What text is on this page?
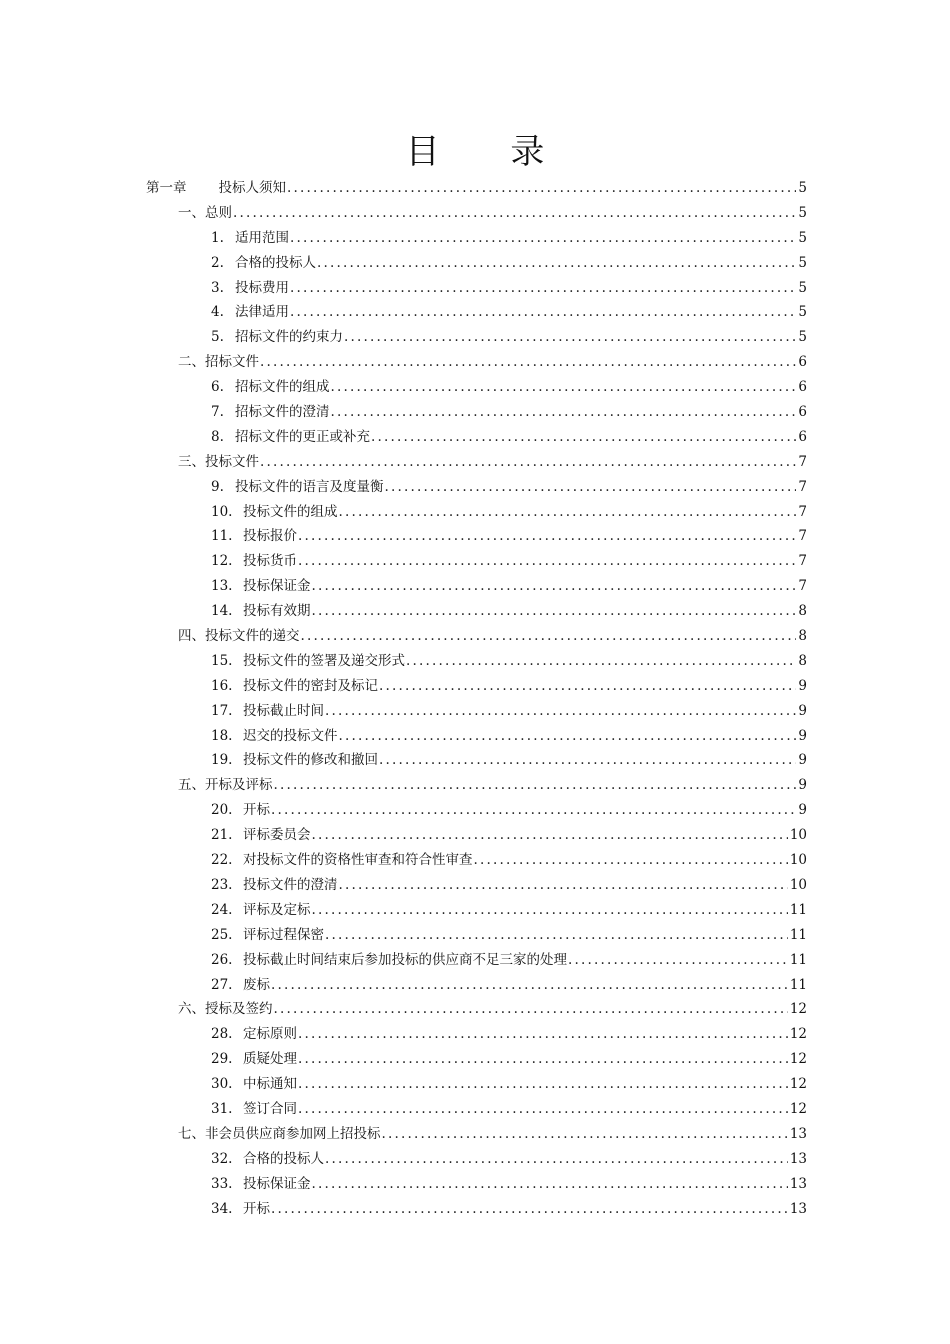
目 录
第一章 投标人须知 .....	5
一、总则 .....	5
1. 适用范围 .....	5
2. 合格的投标人 .....	5
3. 投标费用 .....	5
4. 法律适用 .....	5
5. 招标文件的约束力 .....	5
二、招标文件 .....	6
6. 招标文件的组成 .....	6
7. 招标文件的澄清 .....	6
8. 招标文件的更正或补充 .....	6
三、投标文件 .....	7
9. 投标文件的语言及度量衡 .....	7
10. 投标文件的组成 .....	7
11. 投标报价 .....	7
12. 投标货币 .....	7
13. 投标保证金 .....	7
14. 投标有效期 .....	8
四、投标文件的递交 .....	8
15. 投标文件的签署及递交形式 .....	8
16. 投标文件的密封及标记 .....	9
17. 投标截止时间 .....	9
18. 迟交的投标文件 .....	9
19. 投标文件的修改和撤回 .....	9
五、开标及评标 .....	9
20. 开标 .....	9
21. 评标委员会 .....	10
22. 对投标文件的资格性审查和符合性审查 .....	10
23. 投标文件的澄清 .....	10
24. 评标及定标 .....	11
25. 评标过程保密 .....	11
26. 投标截止时间结束后参加投标的供应商不足三家的处理 .....	11
27. 废标 .....	11
六、授标及签约 .....	12
28. 定标原则 .....	12
29. 质疑处理 .....	12
30. 中标通知 .....	12
31. 签订合同 .....	12
七、非会员供应商参加网上招投标 .....	13
32. 合格的投标人 .....	13
33. 投标保证金 .....	13
34. 开标 .....	13
